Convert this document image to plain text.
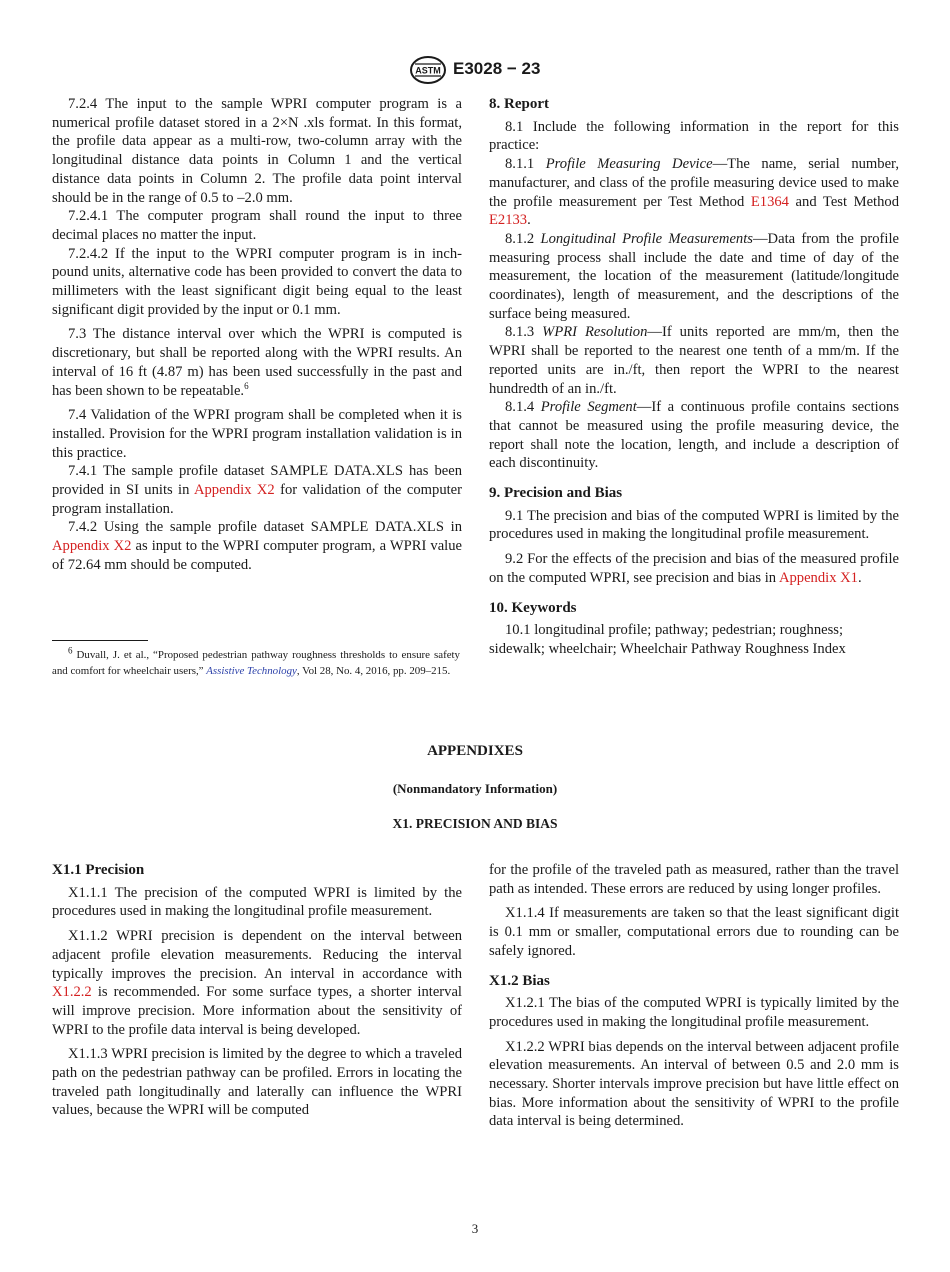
ASTM E3028 − 23

7.2.4 The input to the sample WPRI computer program is a numerical profile dataset stored in a 2×N .xls format. In this format, the profile data appear as a multi-row, two-column array with the longitudinal distance data points in Column 1 and the vertical distance data points in Column 2. The profile data point interval should be in the range of 0.5 to –2.0 mm.

7.2.4.1 The computer program shall round the input to three decimal places no matter the input.

7.2.4.2 If the input to the WPRI computer program is in inch-pound units, alternative code has been provided to convert the data to millimeters with the least significant digit being equal to the least significant digit provided by the input or 0.1 mm.

7.3 The distance interval over which the WPRI is computed is discretionary, but shall be reported along with the WPRI results. An interval of 16 ft (4.87 m) has been used successfully in the past and has been shown to be repeatable.$^6$

7.4 Validation of the WPRI program shall be completed when it is installed. Provision for the WPRI program installation validation is in this practice.

7.4.1 The sample profile dataset SAMPLE DATA.XLS has been provided in SI units in Appendix X2 for validation of the computer program installation.

7.4.2 Using the sample profile dataset SAMPLE DATA.XLS in Appendix X2 as input to the WPRI computer program, a WPRI value of 72.64 mm should be computed.

$^6$ Duvall, J. et al., “Proposed pedestrian pathway roughness thresholds to ensure safety and comfort for wheelchair users,” Assistive Technology, Vol 28, No. 4, 2016, pp. 209–215.

8. Report

8.1 Include the following information in the report for this practice:

8.1.1 Profile Measuring Device—The name, serial number, manufacturer, and class of the profile measuring device used to make the profile measurement per Test Method E1364 and Test Method E2133.

8.1.2 Longitudinal Profile Measurements—Data from the profile measuring process shall include the date and time of day of the measurement, the location of the measurement (latitude/longitude coordinates), length of measurement, and the descriptions of the surface being measured.

8.1.3 WPRI Resolution—If units reported are mm/m, then the WPRI shall be reported to the nearest one tenth of a mm/m. If the reported units are in./ft, then report the WPRI to the nearest hundredth of an in./ft.

8.1.4 Profile Segment—If a continuous profile contains sections that cannot be measured using the profile measuring device, the report shall note the location, length, and include a description of each discontinuity.

9. Precision and Bias

9.1 The precision and bias of the computed WPRI is limited by the procedures used in making the longitudinal profile measurement.

9.2 For the effects of the precision and bias of the measured profile on the computed WPRI, see precision and bias in Appendix X1.

10. Keywords

10.1 longitudinal profile; pathway; pedestrian; roughness; sidewalk; wheelchair; Wheelchair Pathway Roughness Index

APPENDIXES
(Nonmandatory Information)
X1. PRECISION AND BIAS
X1.1 Precision

X1.1.1 The precision of the computed WPRI is limited by the procedures used in making the longitudinal profile measurement.

X1.1.2 WPRI precision is dependent on the interval between adjacent profile elevation measurements. Reducing the interval typically improves the precision. An interval in accordance with X1.2.2 is recommended. For some surface types, a shorter interval will improve precision. More information about the sensitivity of WPRI to the profile data interval is being developed.

X1.1.3 WPRI precision is limited by the degree to which a traveled path on the pedestrian pathway can be profiled. Errors in locating the traveled path longitudinally and laterally can influence the WPRI values, because the WPRI will be computed

for the profile of the traveled path as measured, rather than the travel path as intended. These errors are reduced by using longer profiles.

X1.1.4 If measurements are taken so that the least significant digit is 0.1 mm or smaller, computational errors due to rounding can be safely ignored.

X1.2 Bias

X1.2.1 The bias of the computed WPRI is typically limited by the procedures used in making the longitudinal profile measurement.

X1.2.2 WPRI bias depends on the interval between adjacent profile elevation measurements. An interval of between 0.5 and 2.0 mm is necessary. Shorter intervals improve precision but have little effect on bias. More information about the sensitivity of WPRI to the profile data interval is being determined.

3
